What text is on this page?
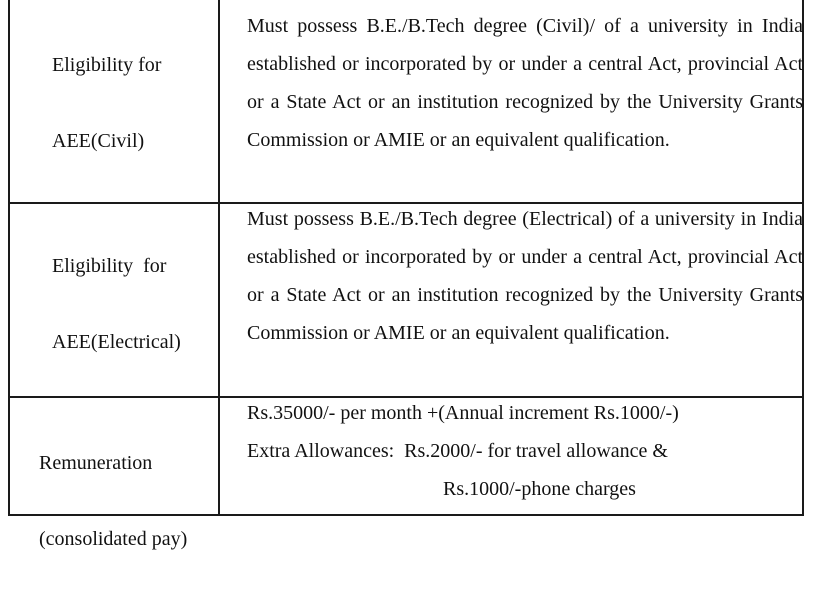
Eligibility for

AEE(Civil)

Must possess B.E./B.Tech degree (Civil)/ of a university in India established or incorporated by or under a central Act, provincial Act or a State Act or an institution recognized by the University Grants Commission or AMIE or an equivalent qualification.

Eligibility  for

AEE(Electrical)

Must possess B.E./B.Tech degree (Electrical) of a university in India established or incorporated by or under a central Act, provincial Act or a State Act or an institution recognized by the University Grants Commission or AMIE or an equivalent qualification.

Remuneration

(consolidated pay)

Rs.35000/- per month +(Annual increment Rs.1000/-)
Extra Allowances:  Rs.2000/- for travel allowance &
Rs.1000/-phone charges
